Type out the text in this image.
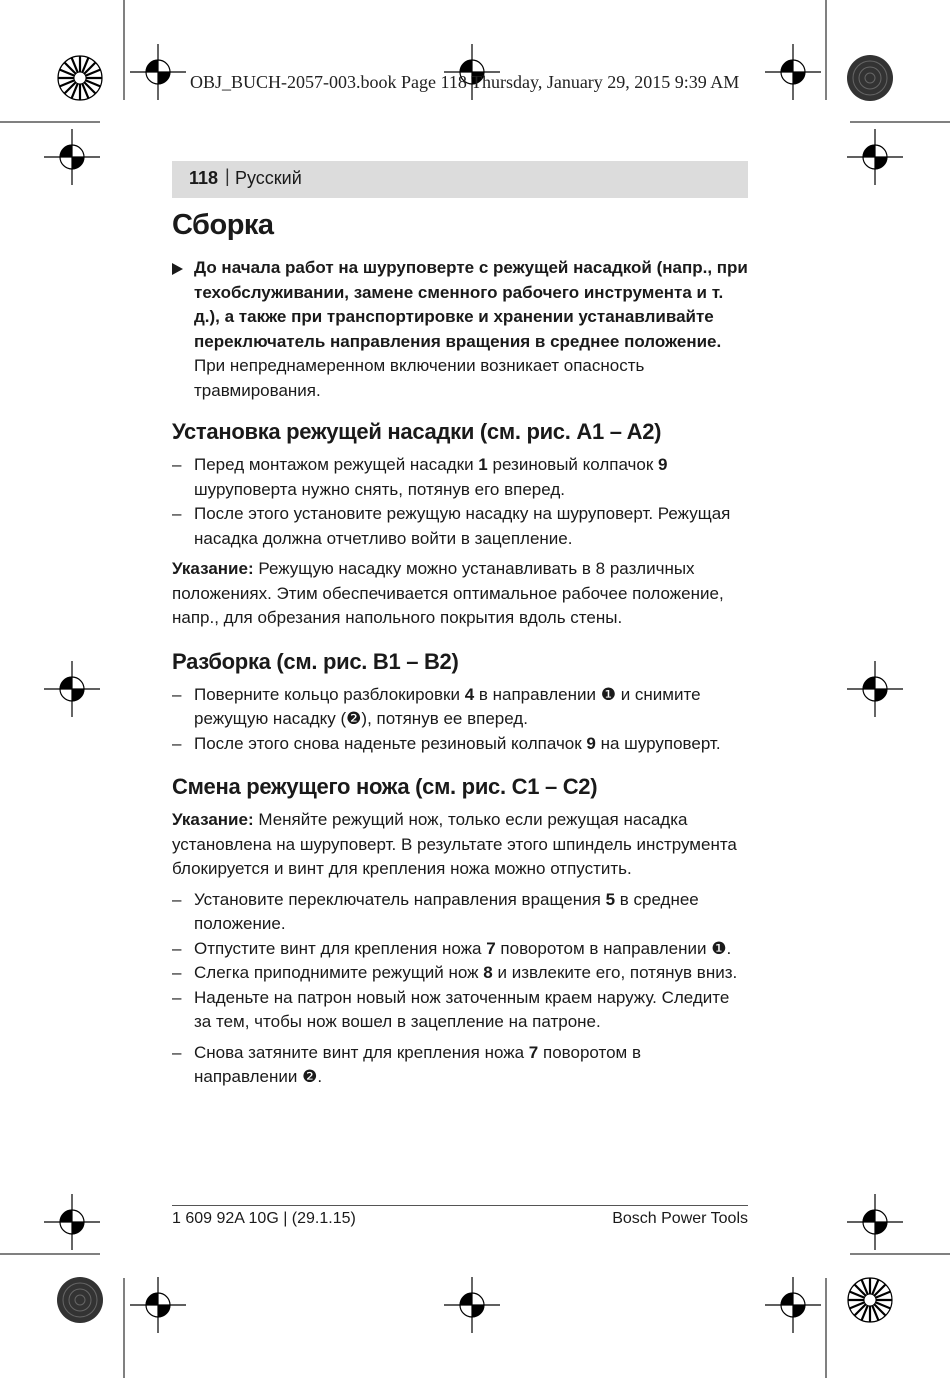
OBJ_BUCH-2057-003.book Page 118 Thursday, January 29, 2015 9:39 AM
118 | Русский
Сборка
До начала работ на шуруповерте с режущей насадкой (напр., при техобслуживании, замене сменного рабочего инструмента и т. д.), а также при транспортировке и хранении устанавливайте переключатель направления вращения в среднее положение. При непреднамеренном включении возникает опасность травмирования.
Установка режущей насадки (см. рис. A1 – A2)
– Перед монтажом режущей насадки 1 резиновый колпачок 9 шуруповерта нужно снять, потянув его вперед.
– После этого установите режущую насадку на шуруповерт. Режущая насадка должна отчетливо войти в зацепление.

Указание: Режущую насадку можно устанавливать в 8 различных положениях. Этим обеспечивается оптимальное рабочее положение, напр., для обрезания напольного покрытия вдоль стены.

Разборка (см. рис. B1 – B2)
– Поверните кольцо разблокировки 4 в направлении ❶ и снимите режущую насадку (❷), потянув ее вперед.
– После этого снова наденьте резиновый колпачок 9 на шуруповерт.
Смена режущего ножа (см. рис. C1 – C2)

Указание: Меняйте режущий нож, только если режущая насадка установлена на шуруповерт. В результате этого шпиндель инструмента блокируется и винт для крепления ножа можно отпустить.

– Установите переключатель направления вращения 5 в среднее положение.
– Отпустите винт для крепления ножа 7 поворотом в направлении ❶.
– Слегка приподнимите режущий нож 8 и извлеките его, потянув вниз.
– Наденьте на патрон новый нож заточенным краем наружу. Следите за тем, чтобы нож вошел в зацепление на патроне.
– Снова затяните винт для крепления ножа 7 поворотом в направлении ❷.
1 609 92A 10G | (29.1.15)	Bosch Power Tools
